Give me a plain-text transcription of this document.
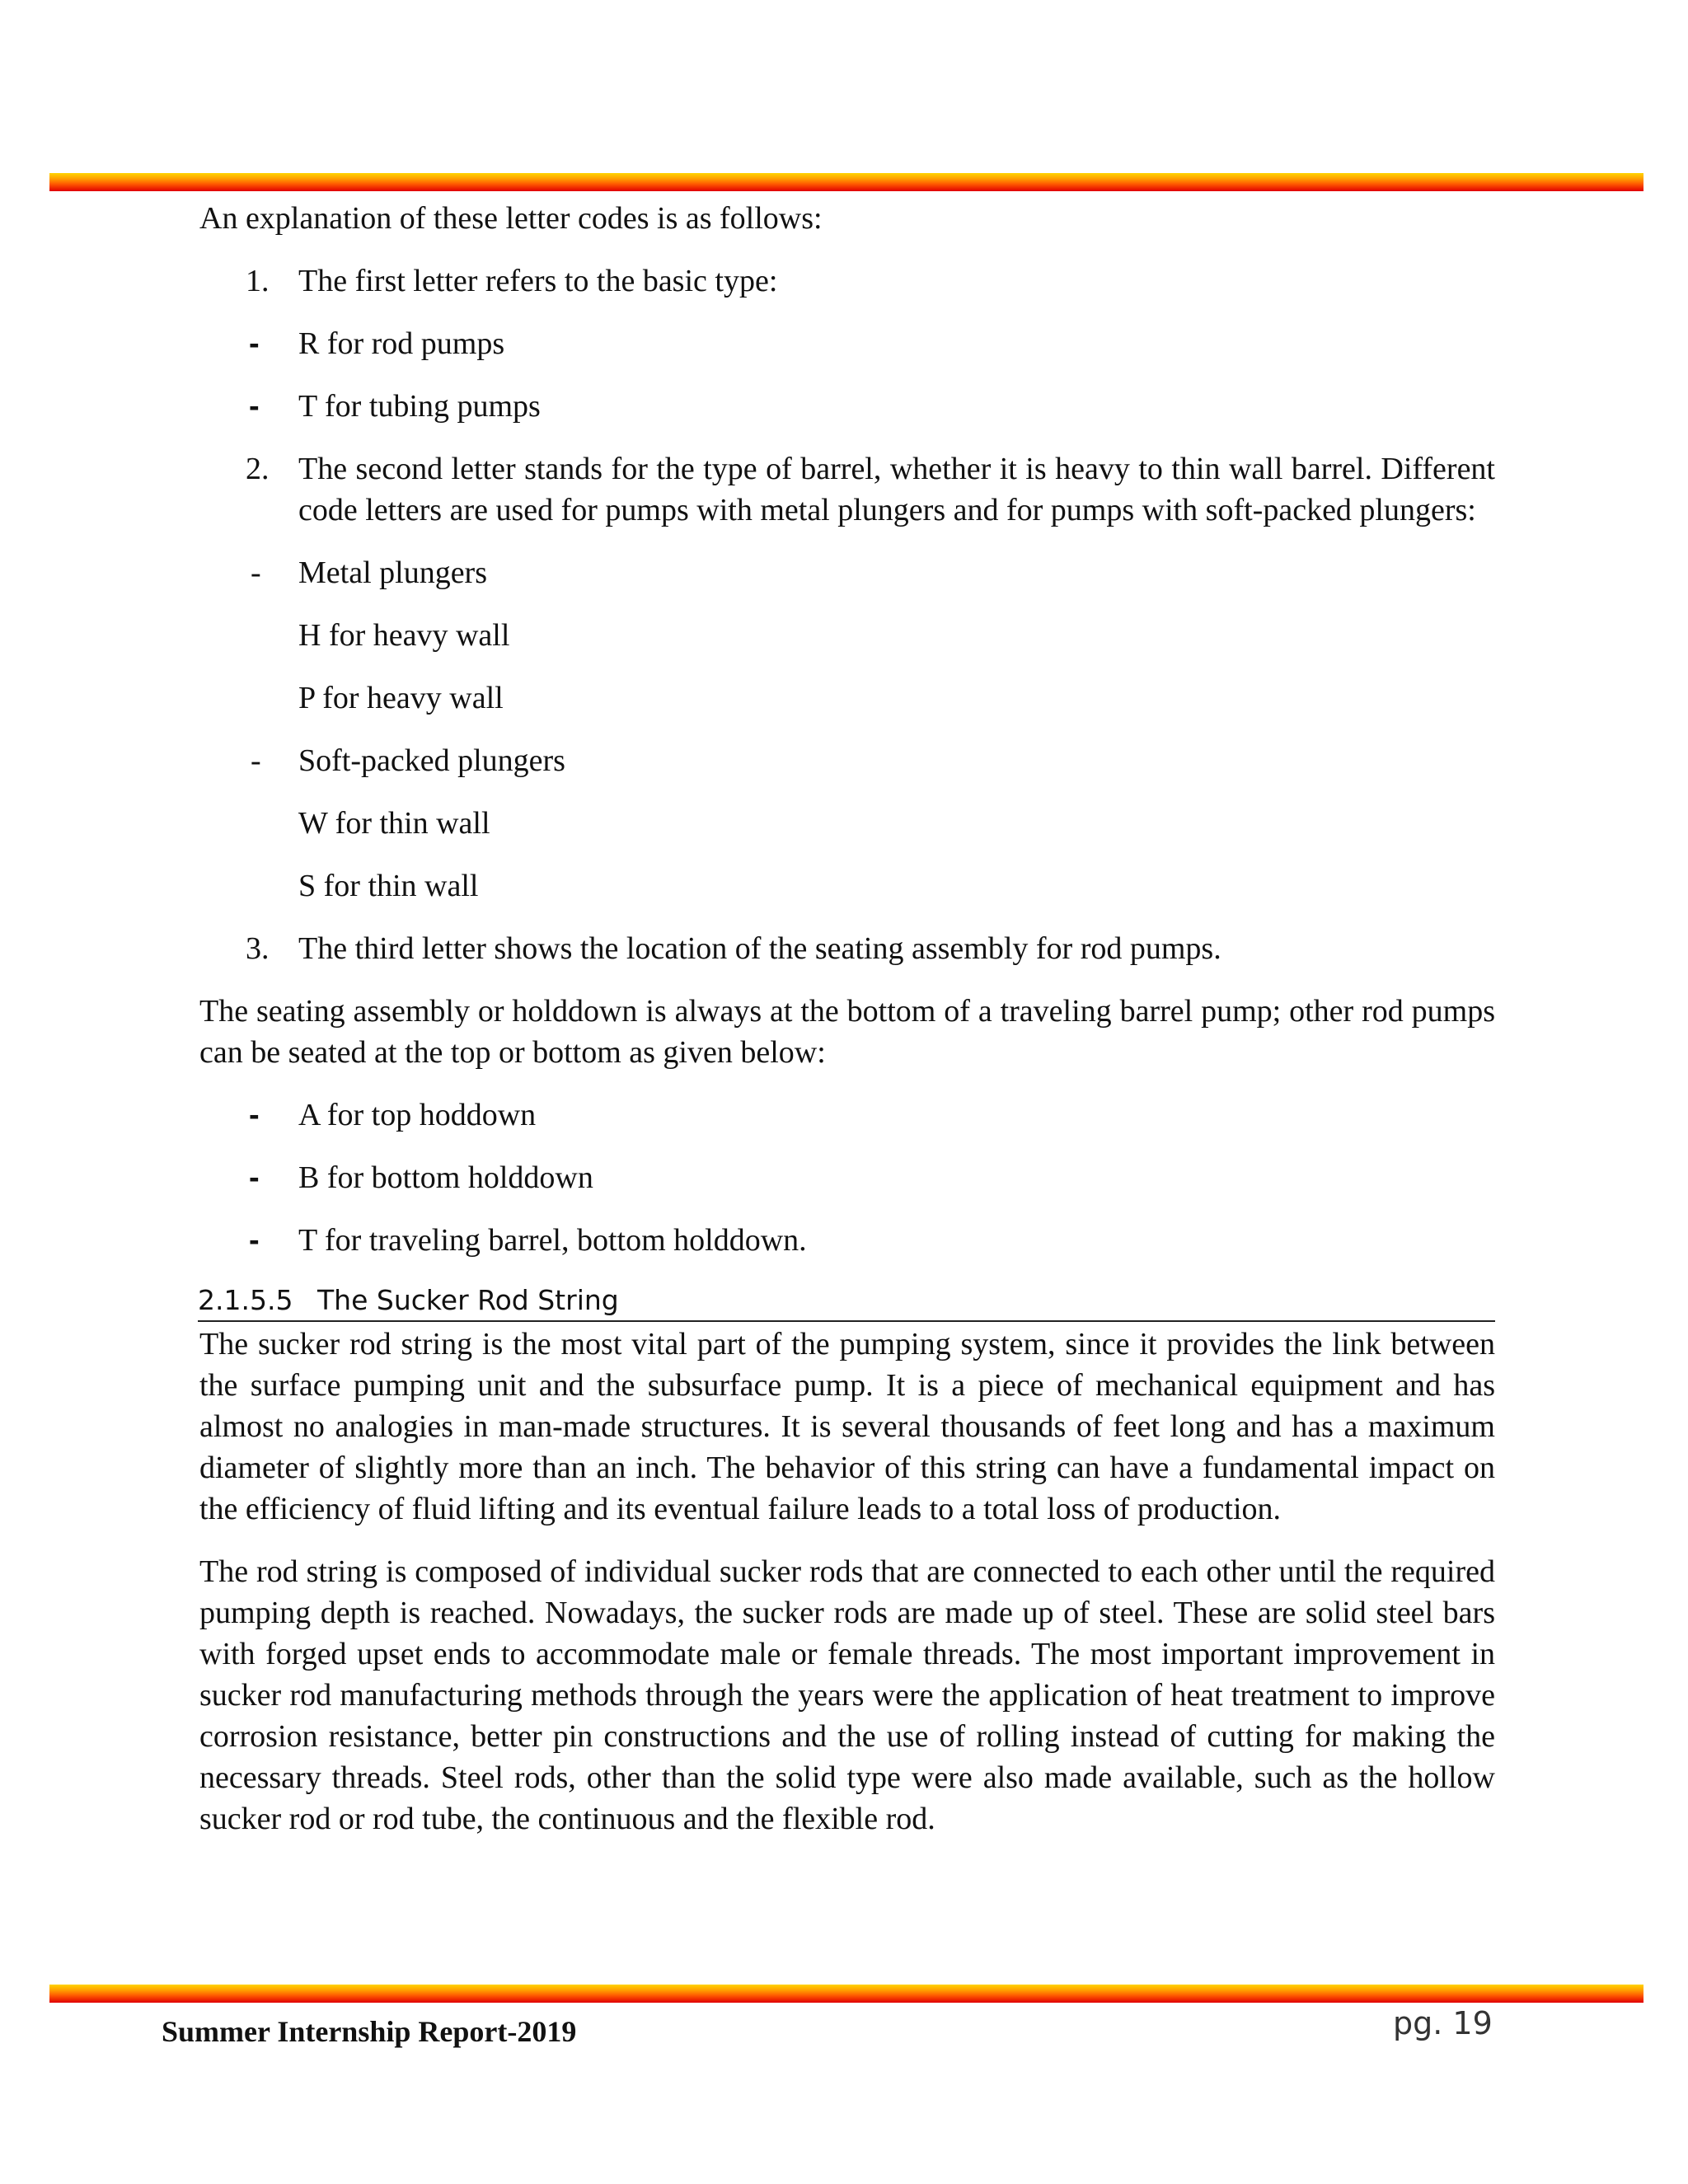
An explanation of these letter codes is as follows:

1. The first letter refers to the basic type:
- R for rod pumps
- T for tubing pumps
2. The second letter stands for the type of barrel, whether it is heavy to thin wall barrel. Different code letters are used for pumps with metal plungers and for pumps with soft-packed plungers:
- Metal plungers
H for heavy wall
P for heavy wall
- Soft-packed plungers
W for thin wall
S for thin wall
3. The third letter shows the location of the seating assembly for rod pumps.

The seating assembly or holddown is always at the bottom of a traveling barrel pump; other rod pumps can be seated at the top or bottom as given below:

- A for top hoddown
- B for bottom holddown
- T for traveling barrel, bottom holddown.
2.1.5.5 The Sucker Rod String

The sucker rod string is the most vital part of the pumping system, since it provides the link between the surface pumping unit and the subsurface pump. It is a piece of mechanical equipment and has almost no analogies in man-made structures. It is several thousands of feet long and has a maximum diameter of slightly more than an inch. The behavior of this string can have a fundamental impact on the efficiency of fluid lifting and its eventual failure leads to a total loss of production.

The rod string is composed of individual sucker rods that are connected to each other until the required pumping depth is reached. Nowadays, the sucker rods are made up of steel. These are solid steel bars with forged upset ends to accommodate male or female threads. The most important improvement in sucker rod manufacturing methods through the years were the application of heat treatment to improve corrosion resistance, better pin constructions and the use of rolling instead of cutting for making the necessary threads. Steel rods, other than the solid type were also made available, such as the hollow sucker rod or rod tube, the continuous and the flexible rod.

Summer Internship Report-2019	pg. 19
